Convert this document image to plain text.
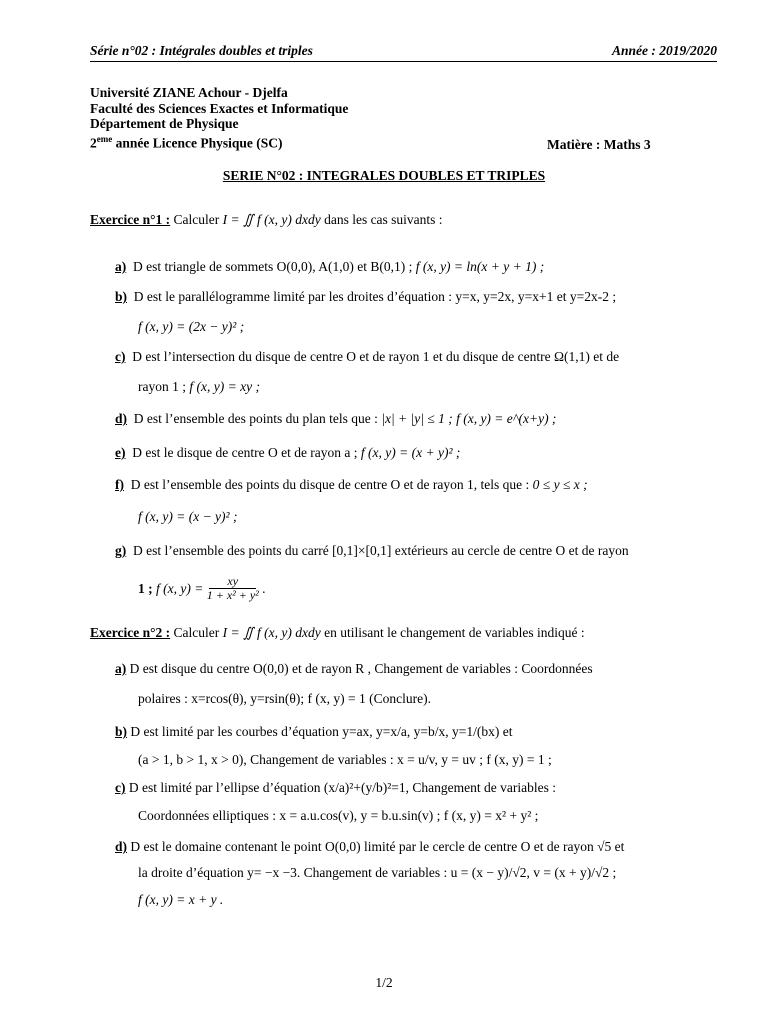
Série n°02 : Intégrales doubles et triples	Année : 2019/2020
Université ZIANE Achour - Djelfa
Faculté des Sciences Exactes et Informatique
Département de Physique
2eme année Licence Physique (SC)	Matière : Maths 3
SERIE N°02 : INTEGRALES DOUBLES ET TRIPLES
Exercice n°1 : Calculer I = ∬ f (x, y) dxdy dans les cas suivants :
a) D est triangle de sommets O(0,0), A(1,0) et B(0,1) ; f (x, y) = ln(x + y + 1) ;
b) D est le parallélogramme limité par les droites d’équation : y=x, y=2x, y=x+1 et y=2x-2 ;
f (x, y) = (2x − y)² ;
c) D est l’intersection du disque de centre O et de rayon 1 et du disque de centre Ω(1,1) et de
rayon 1 ; f (x, y) = xy ;
d) D est l’ensemble des points du plan tels que : |x| + |y| ≤ 1 ; f (x, y) = e^(x+y) ;
e) D est le disque de centre O et de rayon a ; f (x, y) = (x + y)² ;
f) D est l’ensemble des points du disque de centre O et de rayon 1, tels que : 0 ≤ y ≤ x ;
f (x, y) = (x − y)² ;
g) D est l’ensemble des points du carré [0,1]×[0,1] extérieurs au cercle de centre O et de rayon
1 ;
f (x, y) =
$\frac{xy}{\text{1 + x² + y²}}$
.
Exercice n°2 : Calculer I = ∬ f (x, y) dxdy en utilisant le changement de variables indiqué :
a) D est disque du centre O(0,0) et de rayon R , Changement de variables : Coordonnées
polaires : x=rcos(θ), y=rsin(θ); f (x, y) = 1 (Conclure).
b) D est limité par les courbes d’équation y=ax, y=x/a, y=b/x, y=1/(bx) et
(a > 1, b > 1, x > 0), Changement de variables : x = u/v, y = uv ; f (x, y) = 1 ;
c) D est limité par l’ellipse d’équation (x/a)²+(y/b)²=1, Changement de variables :
Coordonnées elliptiques : x = a.u.cos(v), y = b.u.sin(v) ; f (x, y) = x² + y² ;
d) D est le domaine contenant le point O(0,0) limité par le cercle de centre O et de rayon √5 et
la droite d’équation y= −x −3. Changement de variables : u = (x − y)/√2, v = (x + y)/√2 ;
f (x, y) = x + y .
1/2
